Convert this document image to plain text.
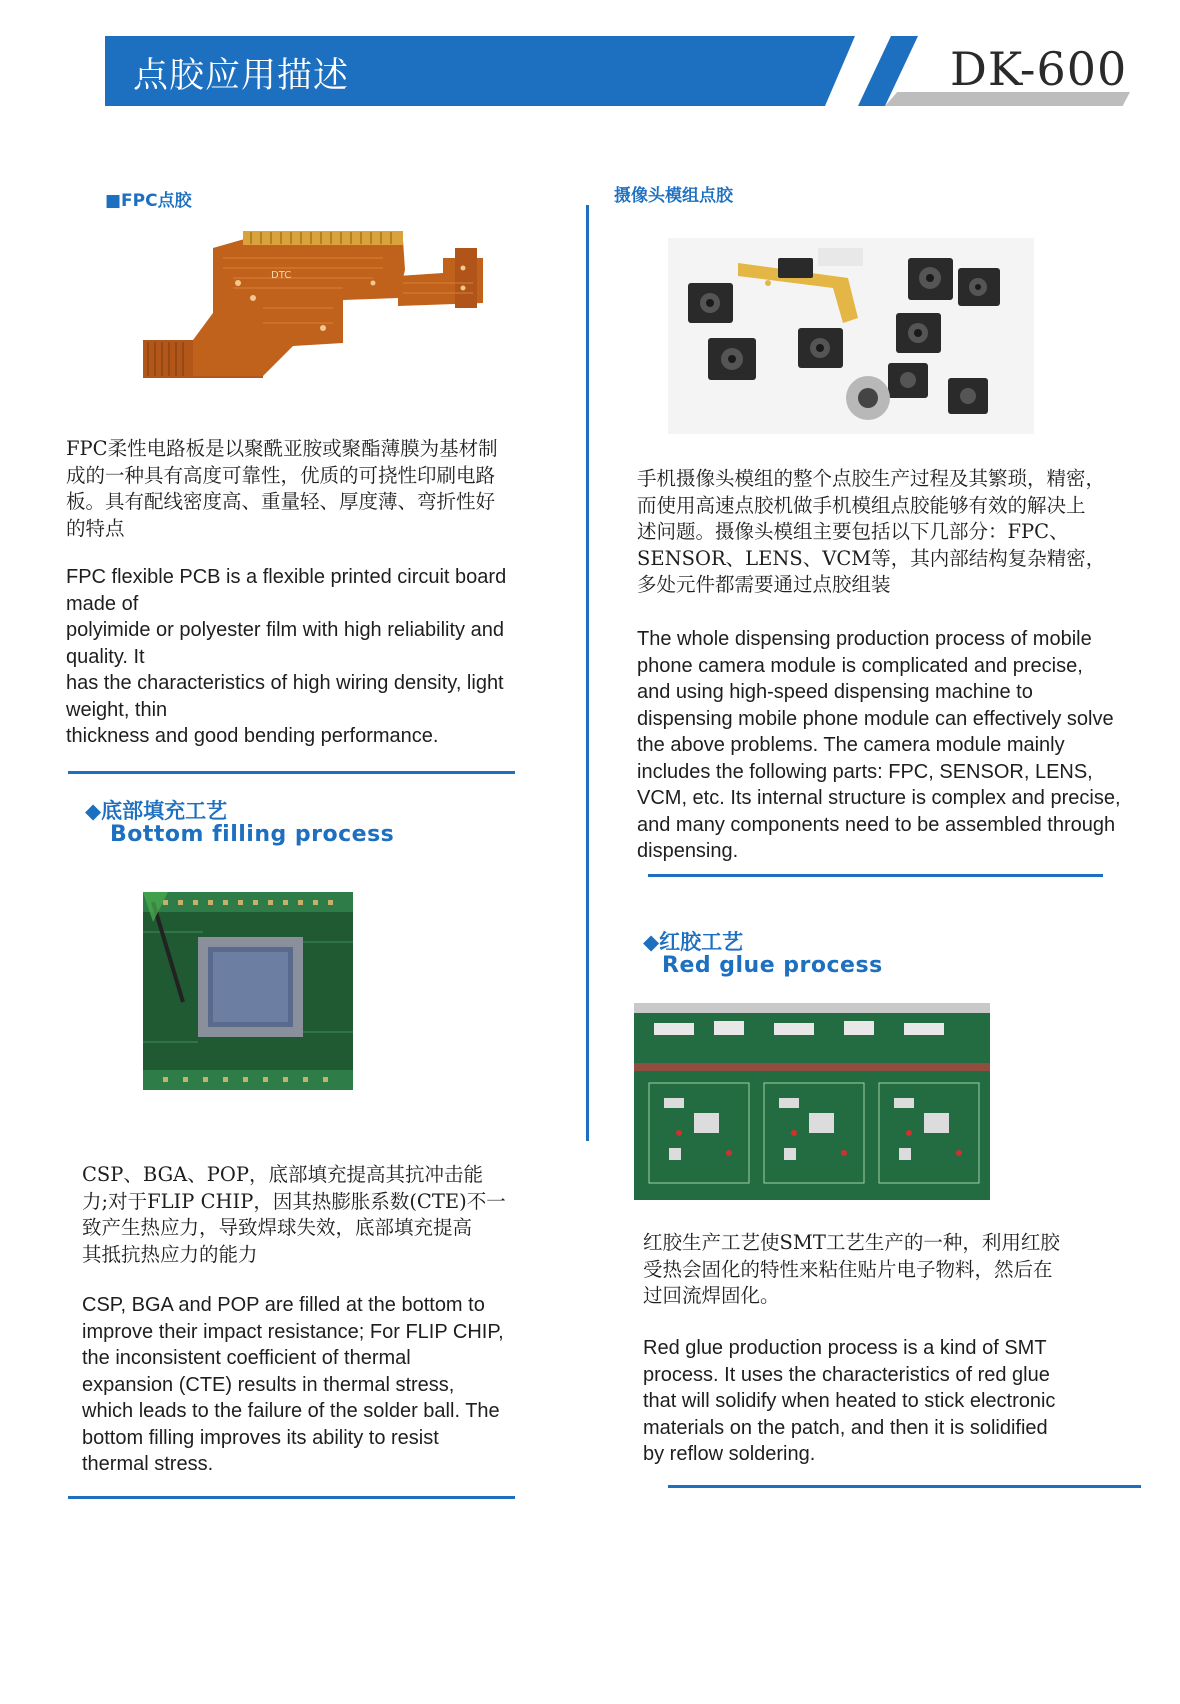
点胶应用描述	DK-600
■FPC点胶
DTC
FPC柔性电路板是以聚酰亚胺或聚酯薄膜为基材制
成的一种具有高度可靠性，优质的可挠性印刷电路
板。具有配线密度高、重量轻、厚度薄、弯折性好
的特点
FPC flexible PCB is a flexible printed circuit board
made of
polyimide or polyester film with high reliability and
quality. It
has the characteristics of high wiring density, light
weight, thin
thickness and good bending performance.
◆底部填充工艺
Bottom filling process
CSP、BGA、POP，底部填充提高其抗冲击能
力;对于FLIP CHIP，因其热膨胀系数(CTE)不一
致产生热应力，导致焊球失效，底部填充提高
其抵抗热应力的能力
CSP, BGA and POP are filled at the bottom to
improve their impact resistance; For FLIP CHIP,
the inconsistent coefficient of thermal
expansion (CTE) results in thermal stress,
which leads to the failure of the solder ball. The
bottom filling improves its ability to resist
thermal stress.
摄像头模组点胶
手机摄像头模组的整个点胶生产过程及其繁琐，精密，
而使用高速点胶机做手机模组点胶能够有效的解决上
述问题。摄像头模组主要包括以下几部分：FPC、
SENSOR、LENS、VCM等，其内部结构复杂精密，
多处元件都需要通过点胶组装
The whole dispensing production process of mobile
phone camera module is complicated and precise,
and using high-speed dispensing machine to
dispensing mobile phone module can effectively solve
the above problems. The camera module mainly
includes the following parts: FPC, SENSOR, LENS,
VCM, etc. Its internal structure is complex and precise,
and many components need to be assembled through
dispensing.
◆红胶工艺
Red glue process
红胶生产工艺使SMT工艺生产的一种，利用红胶
受热会固化的特性来粘住贴片电子物料，然后在
过回流焊固化。
Red glue production process is a kind of SMT
process. It uses the characteristics of red glue
that will solidify when heated to stick electronic
materials on the patch, and then it is solidified
by reflow soldering.
